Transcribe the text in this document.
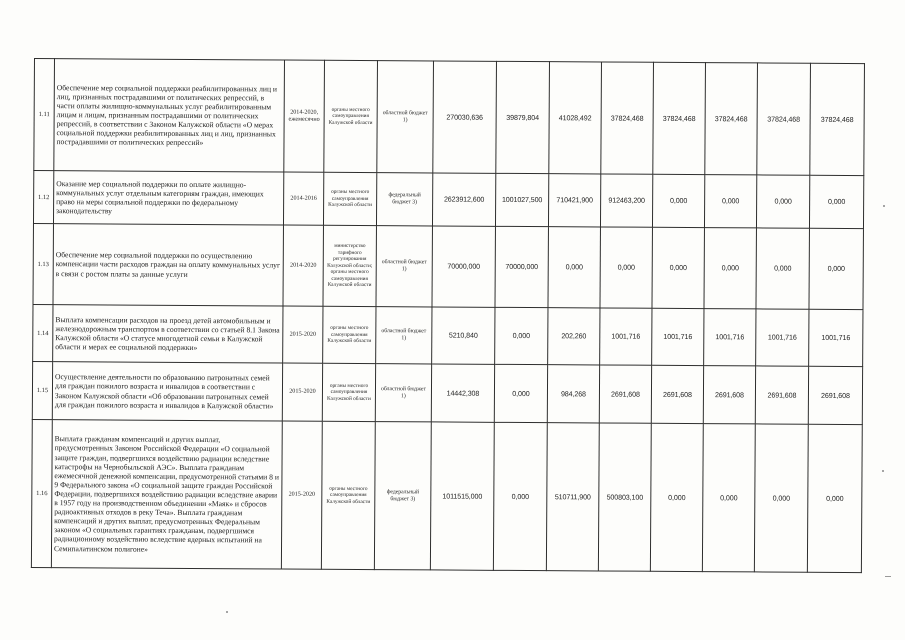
1.11	Обеспечение мер социальной поддержки реабилитированных лиц и лиц, признанных пострадавшими от политических репрессий, в части оплаты жилищно-коммунальных услуг реабилитированным лицам и лицам, признанным пострадавшими от политических репрессий, в соответствии с Законом Калужской области «О мерах социальной поддержки реабилитированных лиц и лиц, признанных пострадавшими от политических репрессий»	2014-2020, ежемесячно	органы местного самоуправления Калужской области	областной бюджет 1)	270030,636	39879,804	41028,492	37824,468	37824,468	37824,468	37824,468	37824,468
1.12	Оказание мер социальной поддержки по оплате жилищно-коммунальных услуг отдельным категориям граждан, имеющих право на меры социальной поддержки по федеральному законодательству	2014-2016	органы местного самоуправления Калужской области	федеральный бюджет 3)	2623912,600	1001027,500	710421,900	912463,200	0,000	0,000	0,000	0,000
1.13	Обеспечение мер социальной поддержки по осуществлению компенсации части расходов граждан на оплату коммунальных услуг в связи с ростом платы за данные услуги	2014-2020	министерство тарифного регулирования Калужской области; органы местного самоуправления Калужской области	областной бюджет 1)	70000,000	70000,000	0,000	0,000	0,000	0,000	0,000	0,000
1.14	Выплата компенсации расходов на проезд детей автомобильным и железнодорожным транспортом в соответствии со статьей 8.1 Закона Калужской области «О статусе многодетной семьи в Калужской области и мерах ее социальной поддержки»	2015-2020	органы местного самоуправления Калужской области	областной бюджет 1)	5210,840	0,000	202,260	1001,716	1001,716	1001,716	1001,716	1001,716
1.15	Осуществление деятельности по образованию патронатных семей для граждан пожилого возраста и инвалидов в соответствии с Законом Калужской области «Об образовании патронатных семей для граждан пожилого возраста и инвалидов в Калужской области»	2015-2020	органы местного самоуправления Калужской области	областной бюджет 1)	14442,308	0,000	984,268	2691,608	2691,608	2691,608	2691,608	2691,608
1.16	Выплата гражданам компенсаций и других выплат, предусмотренных Законом Российской Федерации «О социальной защите граждан, подвергшихся воздействию радиации вследствие катастрофы на Чернобыльской АЭС». Выплата гражданам ежемесячной денежной компенсации, предусмотренной статьями 8 и 9 Федерального закона «О социальной защите граждан Российской Федерации, подвергшихся воздействию радиации вследствие аварии в 1957 году на производственном объединении «Маяк» и сбросов радиоактивных отходов в реку Теча». Выплата гражданам компенсаций и других выплат, предусмотренных Федеральным законом «О социальных гарантиях гражданам, подвергшимся радиационному воздействию вследствие ядерных испытаний на Семипалатинском полигоне»	2015-2020	органы местного самоуправления Калужской области	федеральный бюджет 3)	1011515,000	0,000	510711,900	500803,100	0,000	0,000	0,000	0,000
